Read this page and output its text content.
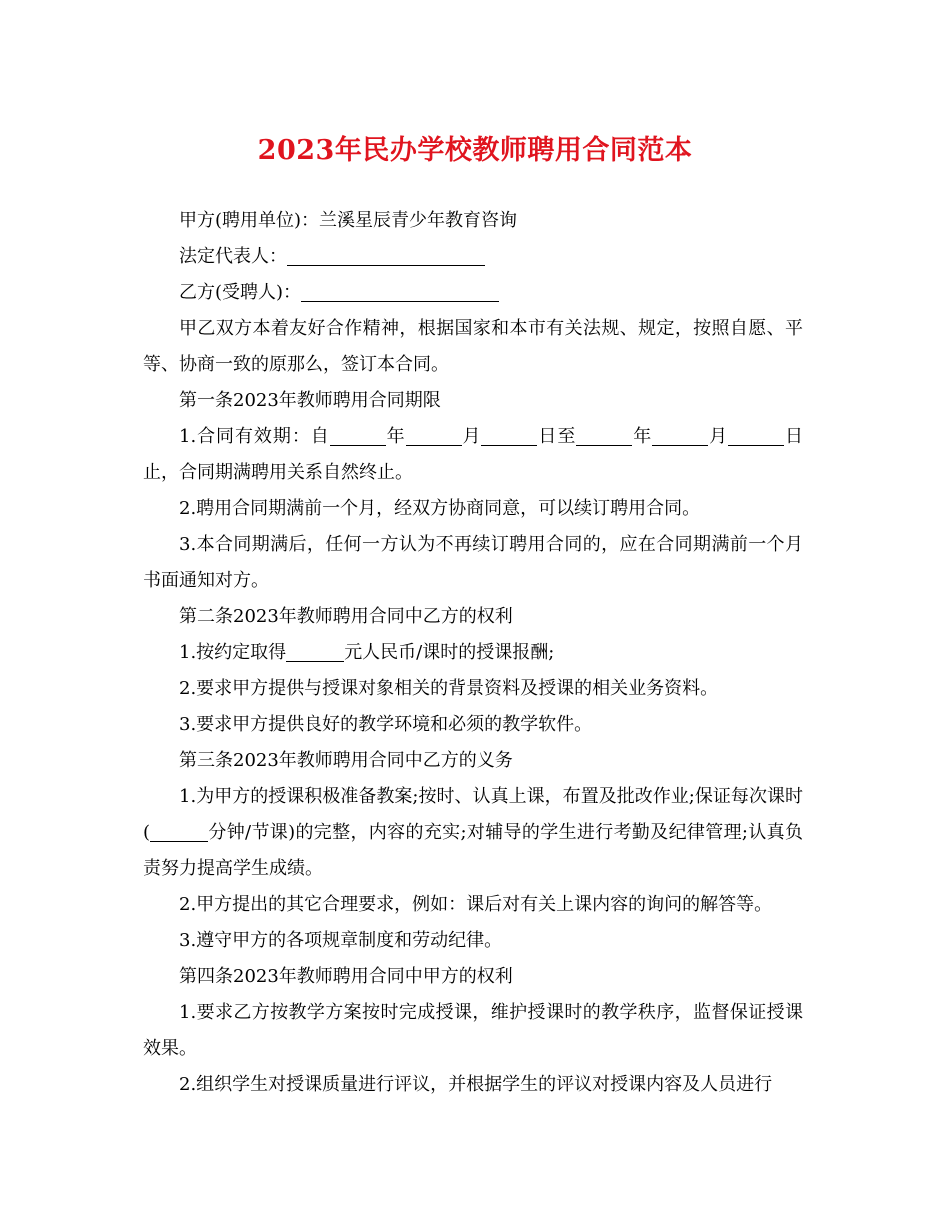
2023年民办学校教师聘用合同范本

甲方(聘用单位)：兰溪星辰青少年教育咨询

法定代表人：

乙方(受聘人)：

甲乙双方本着友好合作精神，根据国家和本市有关法规、规定，按照自愿、平等、协商一致的原那么，签订本合同。

第一条2023年教师聘用合同期限

1.合同有效期：自	年	月	日至	年	月	日止，合同期满聘用关系自然终止。

2.聘用合同期满前一个月，经双方协商同意，可以续订聘用合同。

3.本合同期满后，任何一方认为不再续订聘用合同的，应在合同期满前一个月书面通知对方。

第二条2023年教师聘用合同中乙方的权利

1.按约定取得	元人民币/课时的授课报酬;

2.要求甲方提供与授课对象相关的背景资料及授课的相关业务资料。

3.要求甲方提供良好的教学环境和必须的教学软件。

第三条2023年教师聘用合同中乙方的义务

1.为甲方的授课积极准备教案;按时、认真上课，布置及批改作业;保证每次课时(	分钟/节课)的完整，内容的充实;对辅导的学生进行考勤及纪律管理;认真负责努力提高学生成绩。

2.甲方提出的其它合理要求，例如：课后对有关上课内容的询问的解答等。

3.遵守甲方的各项规章制度和劳动纪律。

第四条2023年教师聘用合同中甲方的权利

1.要求乙方按教学方案按时完成授课，维护授课时的教学秩序，监督保证授课效果。

2.组织学生对授课质量进行评议，并根据学生的评议对授课内容及人员进行
